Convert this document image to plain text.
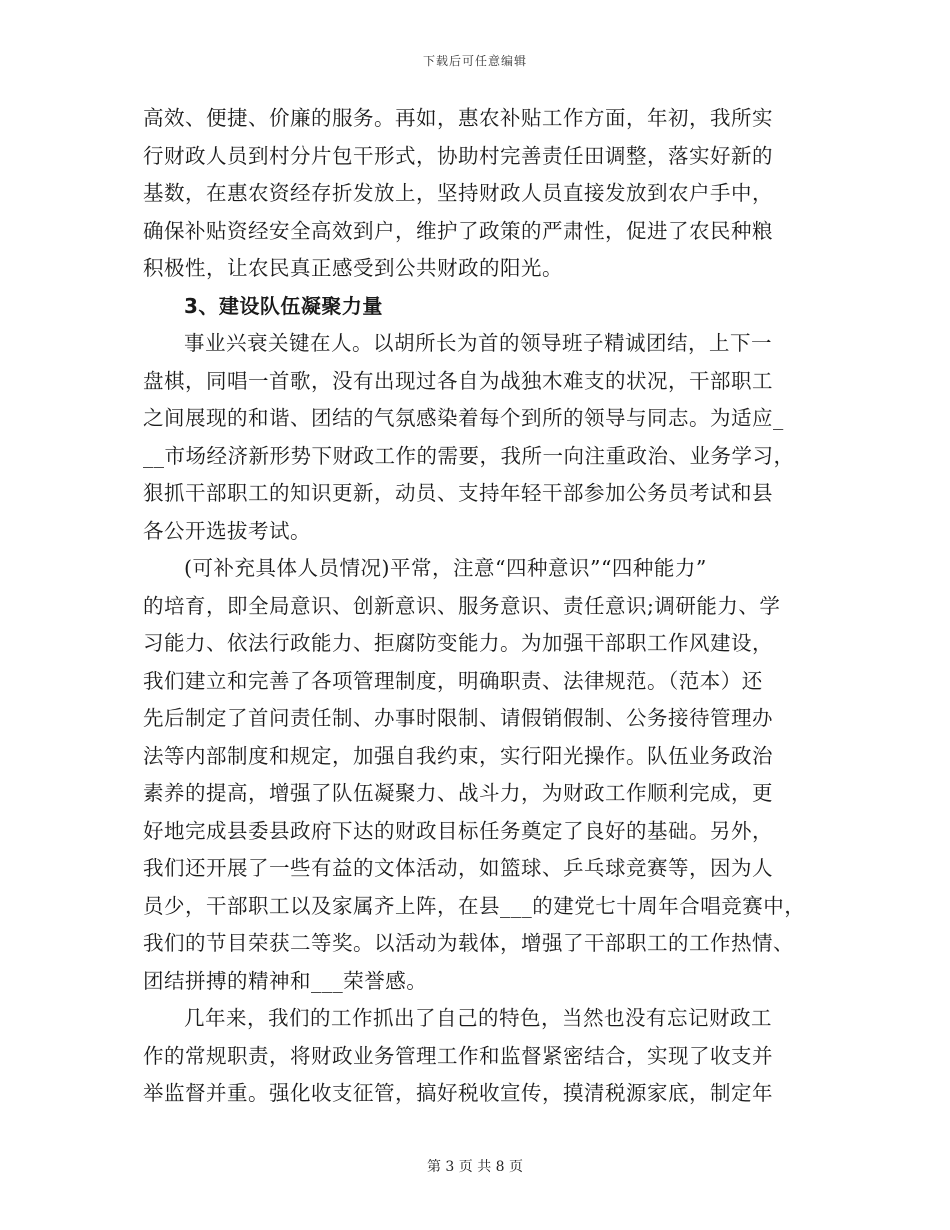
下载后可任意编辑
高效、便捷、价廉的服务。再如，惠农补贴工作方面，年初，我所实
行财政人员到村分片包干形式，协助村完善责任田调整，落实好新的
基数，在惠农资经存折发放上，坚持财政人员直接发放到农户手中，
确保补贴资经安全高效到户，维护了政策的严肃性，促进了农民种粮
积极性，让农民真正感受到公共财政的阳光。
3、建设队伍凝聚力量
事业兴衰关键在人。以胡所长为首的领导班子精诚团结，上下一
盘棋，同唱一首歌，没有出现过各自为战独木难支的状况，干部职工
之间展现的和谐、团结的气氛感染着每个到所的领导与同志。为适应_
__市场经济新形势下财政工作的需要，我所一向注重政治、业务学习，
狠抓干部职工的知识更新，动员、支持年轻干部参加公务员考试和县
各公开选拔考试。
(可补充具体人员情况)平常，注意“四种意识”“四种能力”
的培育，即全局意识、创新意识、服务意识、责任意识;调研能力、学
习能力、依法行政能力、拒腐防变能力。为加强干部职工作风建设，
我们建立和完善了各项管理制度，明确职责、法律规范。（范本）还
先后制定了首问责任制、办事时限制、请假销假制、公务接待管理办
法等内部制度和规定，加强自我约束，实行阳光操作。队伍业务政治
素养的提高，增强了队伍凝聚力、战斗力，为财政工作顺利完成，更
好地完成县委县政府下达的财政目标任务奠定了良好的基础。另外，
我们还开展了一些有益的文体活动，如篮球、乒乓球竞赛等，因为人
员少，干部职工以及家属齐上阵，在县___的建党七十周年合唱竞赛中，
我们的节目荣获二等奖。以活动为载体，增强了干部职工的工作热情、
团结拼搏的精神和___荣誉感。
几年来，我们的工作抓出了自己的特色，当然也没有忘记财政工
作的常规职责，将财政业务管理工作和监督紧密结合，实现了收支并
举监督并重。强化收支征管，搞好税收宣传，摸清税源家底，制定年
第 3 页 共 8 页
